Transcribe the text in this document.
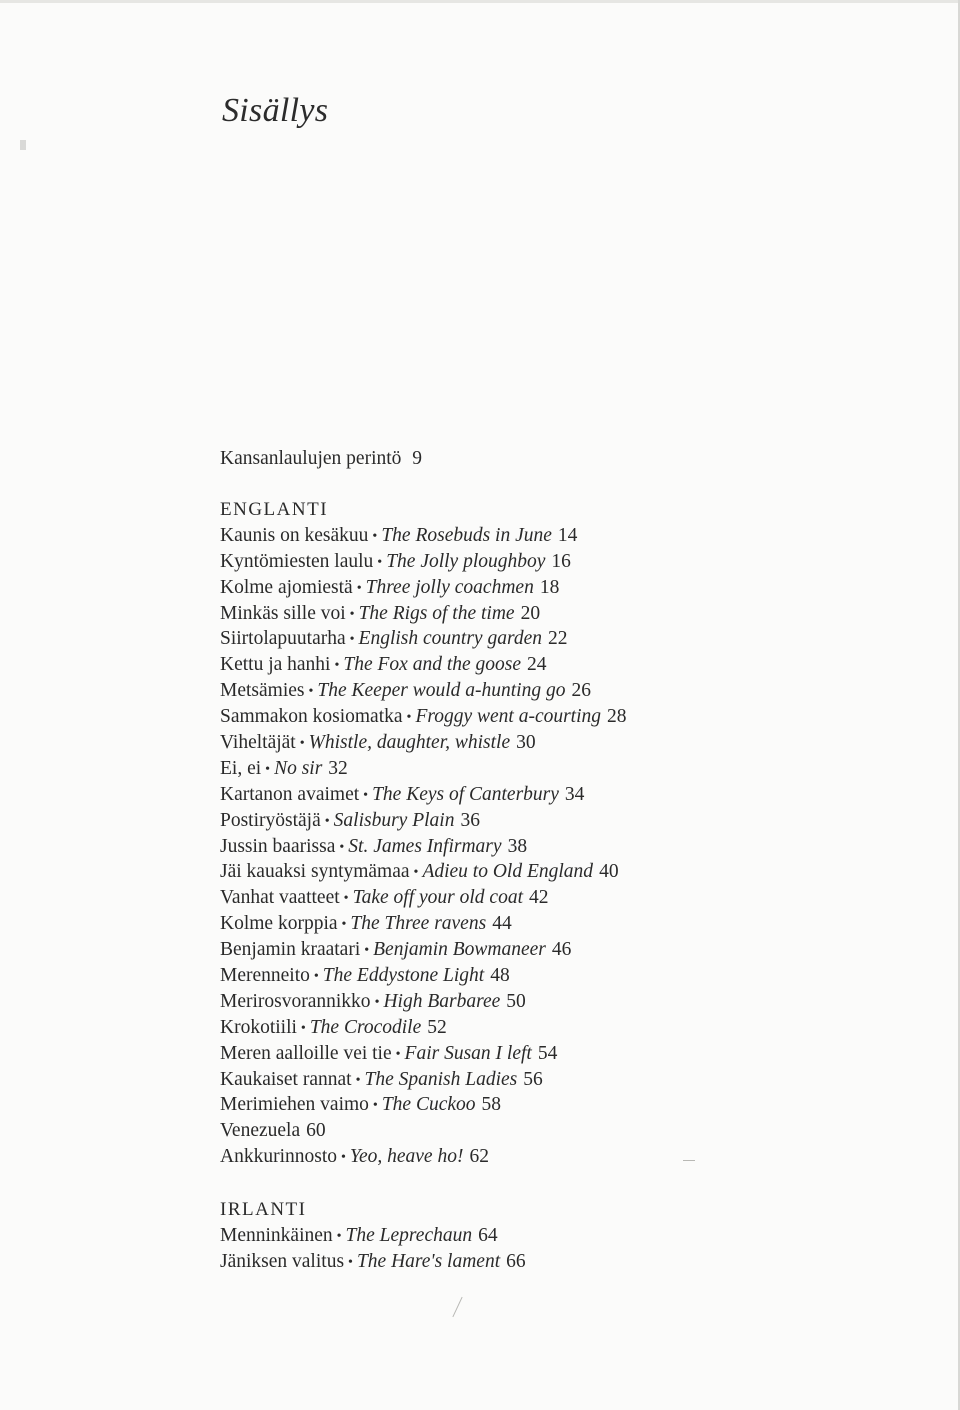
Sisällys
Kansanlaulujen perintö 9
ENGLANTI
Kaunis on kesäkuu • The Rosebuds in June 14
Kyntömiesten laulu • The Jolly ploughboy 16
Kolme ajomiestä • Three jolly coachmen 18
Minkäs sille voi • The Rigs of the time 20
Siirtolapuutarha • English country garden 22
Kettu ja hanhi • The Fox and the goose 24
Metsämies • The Keeper would a-hunting go 26
Sammakon kosiomatka • Froggy went a-courting 28
Viheltäjät • Whistle, daughter, whistle 30
Ei, ei • No sir 32
Kartanon avaimet • The Keys of Canterbury 34
Postiryöstäjä • Salisbury Plain 36
Jussin baarissa • St. James Infirmary 38
Jäi kauaksi syntymämaa • Adieu to Old England 40
Vanhat vaatteet • Take off your old coat 42
Kolme korppia • The Three ravens 44
Benjamin kraatari • Benjamin Bowmaneer 46
Merenneito • The Eddystone Light 48
Merirosvorannikko • High Barbaree 50
Krokotiili • The Crocodile 52
Meren aalloille vei tie • Fair Susan I left 54
Kaukaiset rannat • The Spanish Ladies 56
Merimiehen vaimo • The Cuckoo 58
Venezuela 60
Ankkurinnosto • Yeo, heave ho! 62
IRLANTI
Menninkäinen • The Leprechaun 64
Jäniksen valitus • The Hare's lament 66
